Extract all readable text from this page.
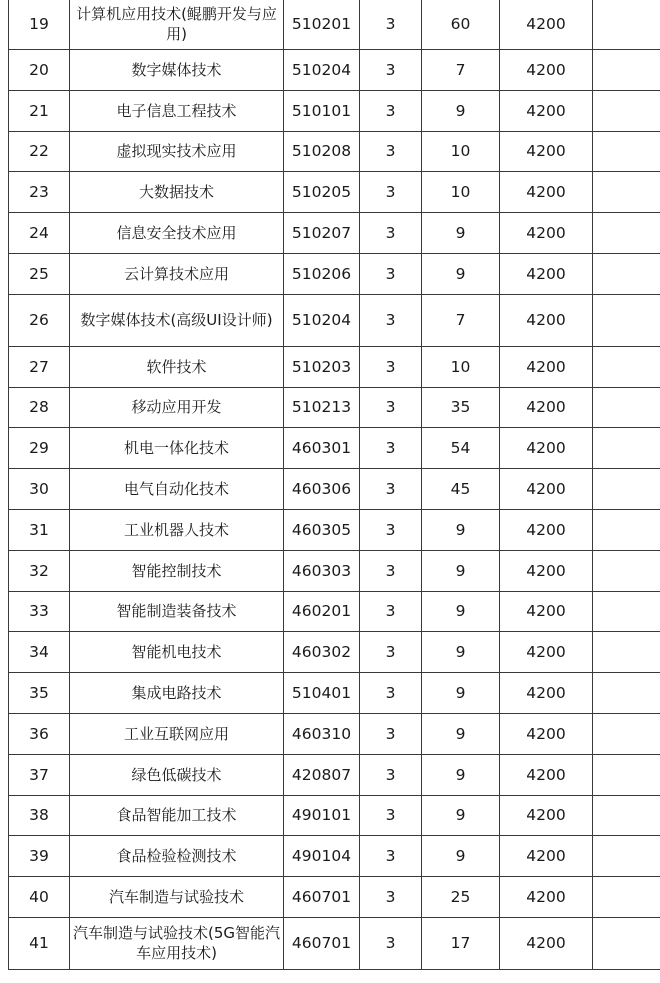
19	计算机应用技术(鲲鹏开发与应用)	510201	3	60	4200	
20	数字媒体技术	510204	3	7	4200	
21	电子信息工程技术	510101	3	9	4200	
22	虚拟现实技术应用	510208	3	10	4200	
23	大数据技术	510205	3	10	4200	
24	信息安全技术应用	510207	3	9	4200	
25	云计算技术应用	510206	3	9	4200	
26	数字媒体技术(高级UI设计师)	510204	3	7	4200	
27	软件技术	510203	3	10	4200	
28	移动应用开发	510213	3	35	4200	
29	机电一体化技术	460301	3	54	4200	
30	电气自动化技术	460306	3	45	4200	
31	工业机器人技术	460305	3	9	4200	
32	智能控制技术	460303	3	9	4200	
33	智能制造装备技术	460201	3	9	4200	
34	智能机电技术	460302	3	9	4200	
35	集成电路技术	510401	3	9	4200	
36	工业互联网应用	460310	3	9	4200	
37	绿色低碳技术	420807	3	9	4200	
38	食品智能加工技术	490101	3	9	4200	
39	食品检验检测技术	490104	3	9	4200	
40	汽车制造与试验技术	460701	3	25	4200	
41	汽车制造与试验技术(5G智能汽车应用技术)	460701	3	17	4200	
